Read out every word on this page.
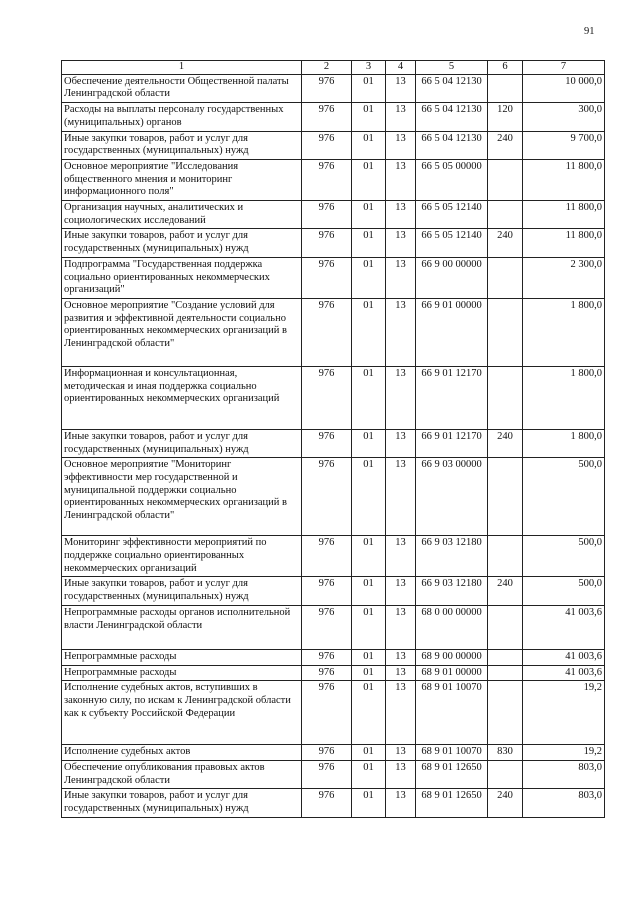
91
1	2	3	4	5	6	7
Обеспечение деятельности Общественной палаты Ленинградской области	976	01	13	66 5 04 12130		10 000,0
Расходы на выплаты персоналу государственных (муниципальных) органов	976	01	13	66 5 04 12130	120	300,0
Иные закупки товаров, работ и услуг для государственных (муниципальных) нужд	976	01	13	66 5 04 12130	240	9 700,0
Основное мероприятие "Исследования общественного мнения и мониторинг информационного поля"	976	01	13	66 5 05 00000		11 800,0
Организация научных, аналитических и социологических исследований	976	01	13	66 5 05 12140		11 800,0
Иные закупки товаров, работ и услуг для государственных (муниципальных) нужд	976	01	13	66 5 05 12140	240	11 800,0
Подпрограмма "Государственная поддержка социально ориентированных некоммерческих организаций"	976	01	13	66 9 00 00000		2 300,0
Основное мероприятие "Создание условий для развития и эффективной деятельности социально ориентированных некоммерческих организаций в Ленинградской области"	976	01	13	66 9 01 00000		1 800,0
Информационная и консультационная, методическая и иная поддержка социально ориентированных некоммерческих организаций	976	01	13	66 9 01 12170		1 800,0
Иные закупки товаров, работ и услуг для государственных (муниципальных) нужд	976	01	13	66 9 01 12170	240	1 800,0
Основное мероприятие "Мониторинг эффективности мер государственной и муниципальной поддержки социально ориентированных некоммерческих организаций в Ленинградской области"	976	01	13	66 9 03 00000		500,0
Мониторинг эффективности мероприятий по поддержке социально ориентированных некоммерческих организаций	976	01	13	66 9 03 12180		500,0
Иные закупки товаров, работ и услуг для государственных (муниципальных) нужд	976	01	13	66 9 03 12180	240	500,0
Непрограммные расходы органов исполнительной власти Ленинградской области	976	01	13	68 0 00 00000		41 003,6
Непрограммные расходы	976	01	13	68 9 00 00000		41 003,6
Непрограммные расходы	976	01	13	68 9 01 00000		41 003,6
Исполнение судебных актов, вступивших в законную силу, по искам к Ленинградской области как к субъекту Российской Федерации	976	01	13	68 9 01 10070		19,2
Исполнение судебных актов	976	01	13	68 9 01 10070	830	19,2
Обеспечение опубликования правовых актов Ленинградской области	976	01	13	68 9 01 12650		803,0
Иные закупки товаров, работ и услуг для государственных (муниципальных) нужд	976	01	13	68 9 01 12650	240	803,0
